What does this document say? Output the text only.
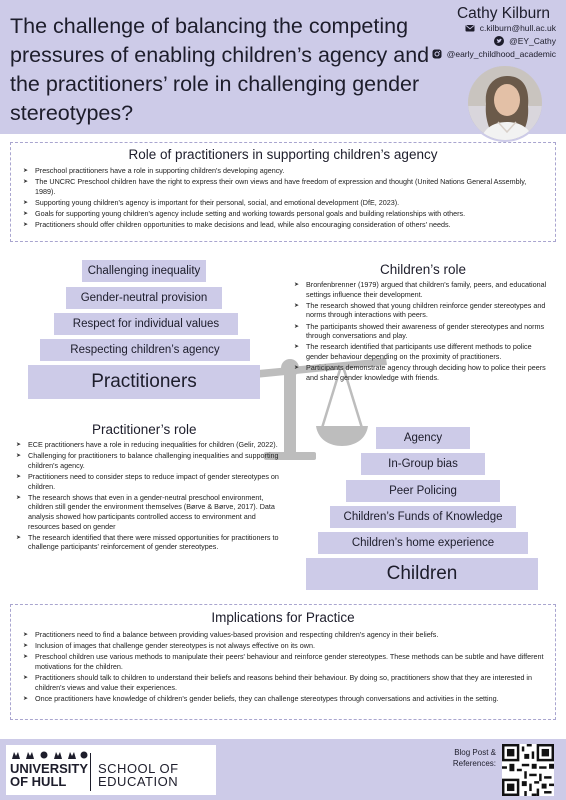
The challenge of balancing the competing pressures of enabling children’s agency and the practitioners’ role in challenging gender stereotypes?
Cathy Kilburn
c.kilburn@hull.ac.uk
@EY_Cathy
@early_childhood_academic
Role of practitioners in supporting children’s agency
➤ Preschool practitioners have a role in supporting children's developing agency.
➤ The UNCRC Preschool children have the right to express their own views and have freedom of expression and thought (United Nations General Assembly, 1989).
➤ Supporting young children's agency is important for their personal, social, and emotional development (DfE, 2023).
➤ Goals for supporting young children's agency include setting and working towards personal goals and building relationships with others.
➤ Practitioners should offer children opportunities to make decisions and lead, while also encouraging consideration of others' needs.
Challenging inequality
Gender-neutral provision
Respect for individual values
Respecting children’s agency
Practitioners
Children’s role
➤ Bronfenbrenner (1979) argued that children's family, peers, and educational settings influence their development.
➤ The research showed that young children reinforce gender stereotypes and norms through interactions with peers.
➤ The participants showed their awareness of gender stereotypes and norms through conversations and play.
➤ The research identified that participants use different methods to police gender behaviour depending on the proximity of practitioners.
➤ Participants demonstrate agency through deciding how to police their peers and share gender knowledge with friends.
Practitioner’s role
➤ ECE practitioners have a role in reducing inequalities for children (Gelir, 2022).
➤ Challenging for practitioners to balance challenging inequalities and supporting children's agency.
➤ Practitioners need to consider steps to reduce impact of gender stereotypes on children.
➤ The research shows that even in a gender-neutral preschool environment, children still gender the environment themselves (Børve & Børve, 2017). Data analysis showed how participants controlled access to environment and resources based on gender
➤ The research identified that there were missed opportunities for practitioners to challenge participants' reinforcement of gender stereotypes.
Agency
In-Group bias
Peer Policing
Children’s Funds of Knowledge
Children’s home experience
Children
Implications for Practice
➤ Practitioners need to find a balance between providing values-based provision and respecting children's agency in their beliefs.
➤ Inclusion of images that challenge gender stereotypes is not always effective on its own.
➤ Preschool children use various methods to manipulate their peers' behaviour and reinforce gender stereotypes. These methods can be subtle and have different motivations for the children.
➤ Practitioners should talk to children to understand their beliefs and reasons behind their behaviour. By doing so, practitioners show that they are interested in children's views and value their experiences.
➤ Once practitioners have knowledge of children's gender beliefs, they can challenge stereotypes through conversations and activities in the setting.
UNIVERSITY
OF HULL
SCHOOL OF
EDUCATION
Blog Post &
References:
